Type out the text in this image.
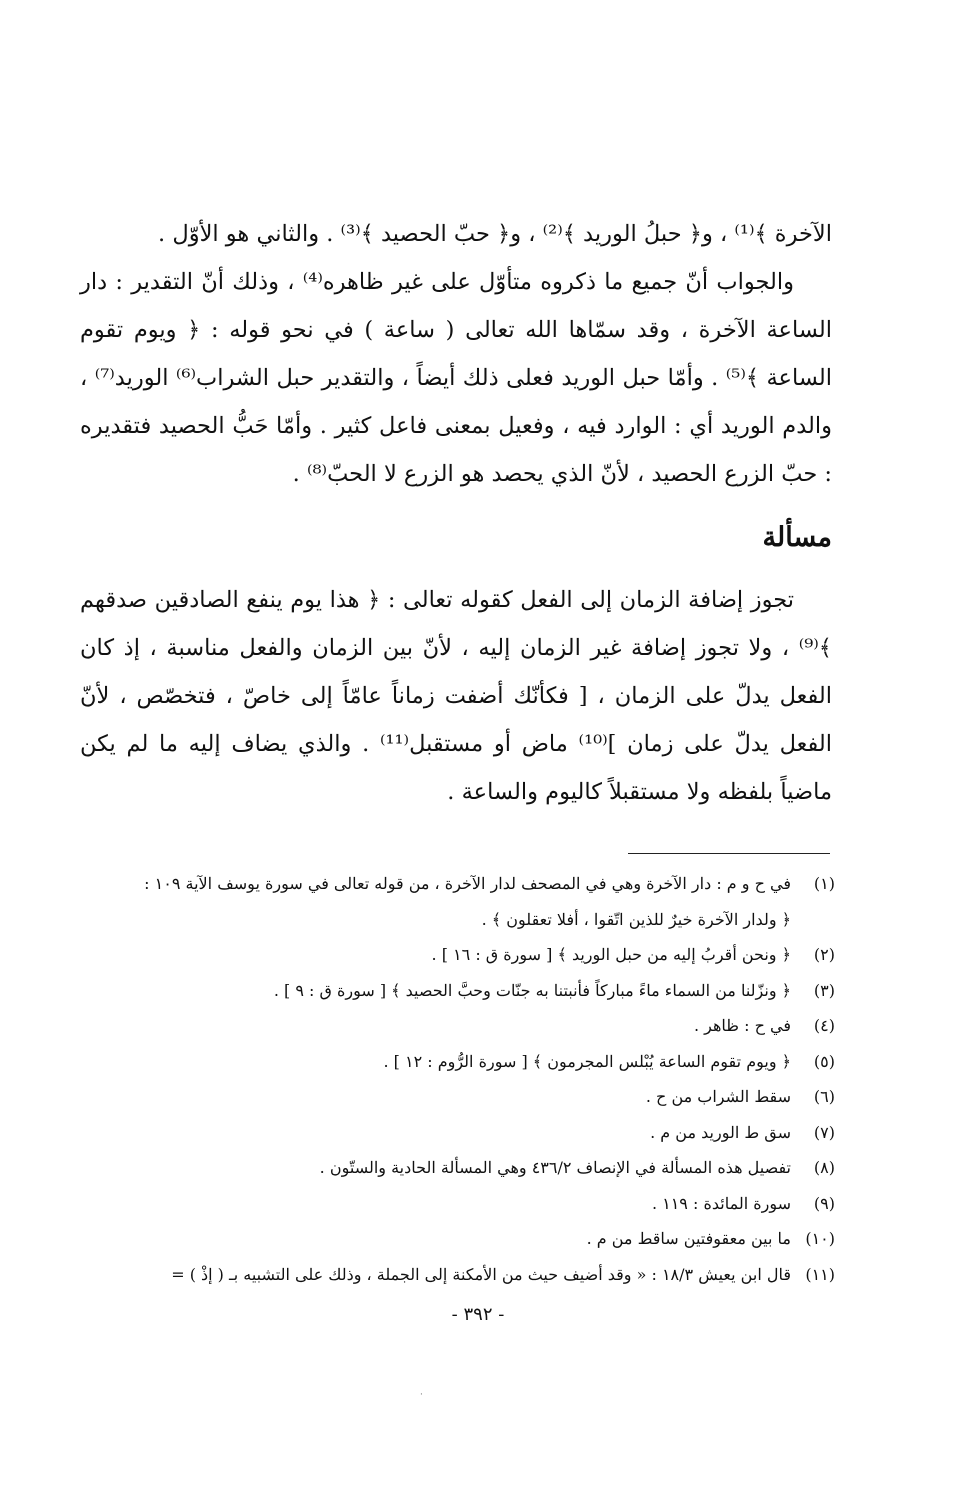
الآخرة ﴾⁽¹⁾ ، و﴿ حبلُ الوريد ﴾⁽²⁾ ، و﴿ حبّ الحصيد ﴾⁽³⁾ . والثاني هو الأوّل .

والجواب أنّ جميع ما ذكروه متأوّل على غير ظاهره⁽⁴⁾ ، وذلك أنّ التقدير : دار الساعة الآخرة ، وقد سمّاها الله تعالى ( ساعة ) في نحو قوله : ﴿ ويوم تقوم الساعة ﴾⁽⁵⁾ . وأمّا حبل الوريد فعلى ذلك أيضاً ، والتقدير حبل الشراب⁽⁶⁾ الوريد⁽⁷⁾ ، والدم الوريد أي : الوارد فيه ، وفعيل بمعنى فاعل كثير . وأمّا حَبُّ الحصيد فتقديره : حبّ الزرع الحصيد ، لأنّ الذي يحصد هو الزرع لا الحبّ⁽⁸⁾ .

مسألة

تجوز إضافة الزمان إلى الفعل كقوله تعالى : ﴿ هذا يوم ينفع الصادقين صدقهم ﴾⁽⁹⁾ ، ولا تجوز إضافة غير الزمان إليه ، لأنّ بين الزمان والفعل مناسبة ، إذ كان الفعل يدلّ على الزمان ، [ فكأنّك أضفت زماناً عامّاً إلى خاصّ ، فتخصّص ، لأنّ الفعل يدلّ على زمان ]⁽¹⁰⁾ ماض أو مستقبل⁽¹¹⁾ . والذي يضاف إليه ما لم يكن ماضياً بلفظه ولا مستقبلاً كاليوم والساعة .

(١)
في ح و م : دار الآخرة وهي في المصحف لدار الآخرة ، من قوله تعالى في سورة يوسف الآية ١٠٩ :
﴿ ولدار الآخرة خيرٌ للذين اتّقوا ، أفلا تعقلون ﴾ .
(٢)
﴿ ونحن أقربُ إليه من حبل الوريد ﴾ [ سورة ق : ١٦ ] .
(٣)
﴿ ونزّلنا من السماء ماءً مباركاً فأنبتنا به جنّات وحبَّ الحصيد ﴾ [ سورة ق : ٩ ] .
(٤)
في ح : ظاهر .
(٥)
﴿ ويوم تقوم الساعة يُبْلس المجرمون ﴾ [ سورة الرُّوم : ١٢ ] .
(٦)
سقط الشراب من ح .
(٧)
سق ط الوريد من م .
(٨)
تفصيل هذه المسألة في الإنصاف ٤٣٦/٢ وهي المسألة الحادية والستّون .
(٩)
سورة المائدة : ١١٩ .
(١٠)
ما بين معقوفتين ساقط من م .
(١١)
قال ابن يعيش ١٨/٣ : « وقد أضيف حيث من الأمكنة إلى الجملة ، وذلك على التشبيه بـ ( إذْ ) =
- ٣٩٢ -
·
